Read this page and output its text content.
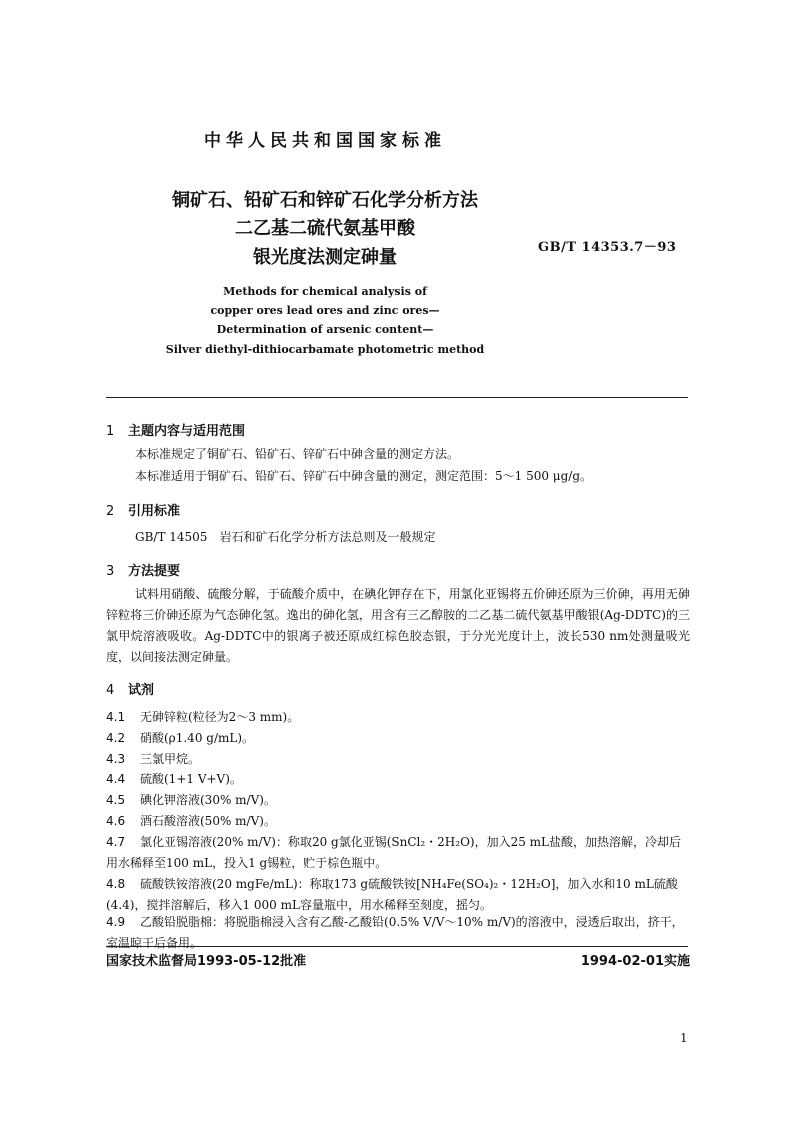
中华人民共和国国家标准
铜矿石、铅矿石和锌矿石化学分析方法
二乙基二硫代氨基甲酸
银光度法测定砷量	GB/T 14353.7－93
Methods for chemical analysis of
copper ores lead ores and zinc ores—
Determination of arsenic content—
Silver diethyl-dithiocarbamate photometric method
1 主题内容与适用范围
本标准规定了铜矿石、铅矿石、锌矿石中砷含量的测定方法。
本标准适用于铜矿石、铅矿石、锌矿石中砷含量的测定，测定范围：5～1 500 μg/g。
2 引用标准
GB/T 14505　岩石和矿石化学分析方法总则及一般规定
3 方法提要
试料用硝酸、硫酸分解，于硫酸介质中，在碘化钾存在下，用氯化亚锡将五价砷还原为三价砷，再用无砷锌粒将三价砷还原为气态砷化氢。逸出的砷化氢，用含有三乙醇胺的二乙基二硫代氨基甲酸银(Ag-DDTC)的三氯甲烷溶液吸收。Ag-DDTC中的银离子被还原成红棕色胶态银，于分光光度计上，波长530 nm处测量吸光度，以间接法测定砷量。
4 试剂
4.1 无砷锌粒(粒径为2～3 mm)。
4.2 硝酸(ρ1.40 g/mL)。
4.3 三氯甲烷。
4.4 硫酸(1+1 V+V)。
4.5 碘化钾溶液(30% m/V)。
4.6 酒石酸溶液(50% m/V)。
4.7 氯化亚锡溶液(20% m/V)：称取20 g氯化亚锡(SnCl₂・2H₂O)，加入25 mL盐酸，加热溶解，冷却后用水稀释至100 mL，投入1 g锡粒，贮于棕色瓶中。
4.8 硫酸铁铵溶液(20 mgFe/mL)：称取173 g硫酸铁铵[NH₄Fe(SO₄)₂・12H₂O]，加入水和10 mL硫酸(4.4)，搅拌溶解后，移入1 000 mL容量瓶中，用水稀释至刻度，摇匀。
4.9 乙酸铅脱脂棉：将脱脂棉浸入含有乙酸-乙酸铅(0.5% V/V～10% m/V)的溶液中，浸透后取出，挤干，室温晾干后备用。
国家技术监督局1993-05-12批准	1994-02-01实施
1
